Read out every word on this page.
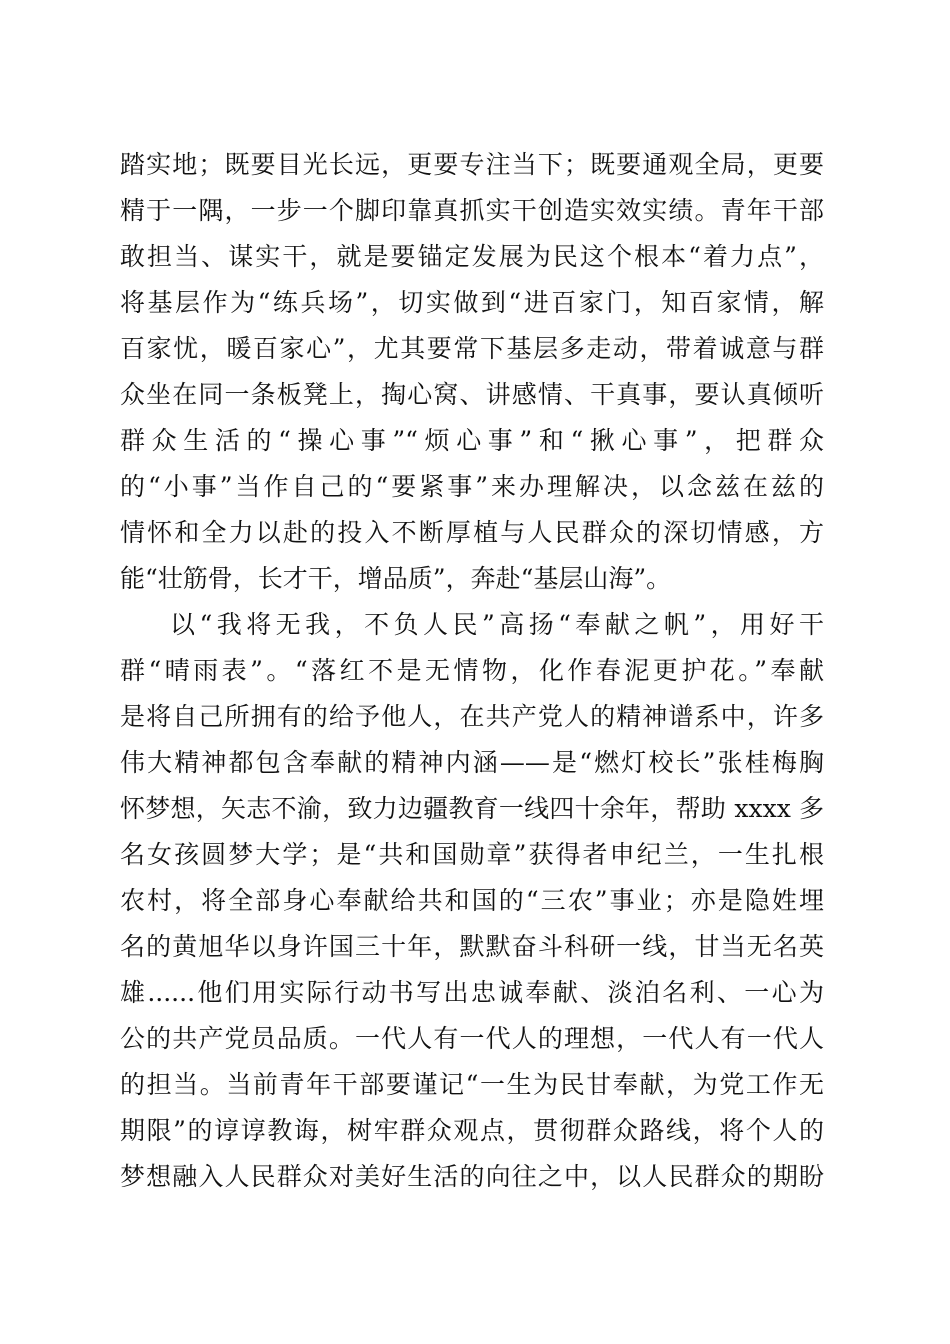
踏实地；既要目光长远，更要专注当下；既要通观全局，更要
精于一隅，一步一个脚印靠真抓实干创造实效实绩。青年干部
敢担当、谋实干，就是要锚定发展为民这个根本“着力点”，
将基层作为“练兵场”，切实做到“进百家门，知百家情，解
百家忧，暖百家心”，尤其要常下基层多走动，带着诚意与群
众坐在同一条板凳上，掏心窝、讲感情、干真事，要认真倾听
群众生活的“操心事”“烦心事”和“揪心事”，把群众
的“小事”当作自己的“要紧事”来办理解决，以念兹在兹的
情怀和全力以赴的投入不断厚植与人民群众的深切情感，方
能“壮筋骨，长才干，增品质”，奔赴“基层山海”。
以“我将无我，不负人民”高扬“奉献之帆”，用好干
群“晴雨表”。“落红不是无情物，化作春泥更护花。”奉献
是将自己所拥有的给予他人，在共产党人的精神谱系中，许多
伟大精神都包含奉献的精神内涵——是“燃灯校长”张桂梅胸
怀梦想，矢志不渝，致力边疆教育一线四十余年，帮助 xxxx 多
名女孩圆梦大学；是“共和国勋章”获得者申纪兰，一生扎根
农村，将全部身心奉献给共和国的“三农”事业；亦是隐姓埋
名的黄旭华以身许国三十年，默默奋斗科研一线，甘当无名英
雄......他们用实际行动书写出忠诚奉献、淡泊名利、一心为
公的共产党员品质。一代人有一代人的理想，一代人有一代人
的担当。当前青年干部要谨记“一生为民甘奉献，为党工作无
期限”的谆谆教诲，树牢群众观点，贯彻群众路线，将个人的
梦想融入人民群众对美好生活的向往之中，以人民群众的期盼
